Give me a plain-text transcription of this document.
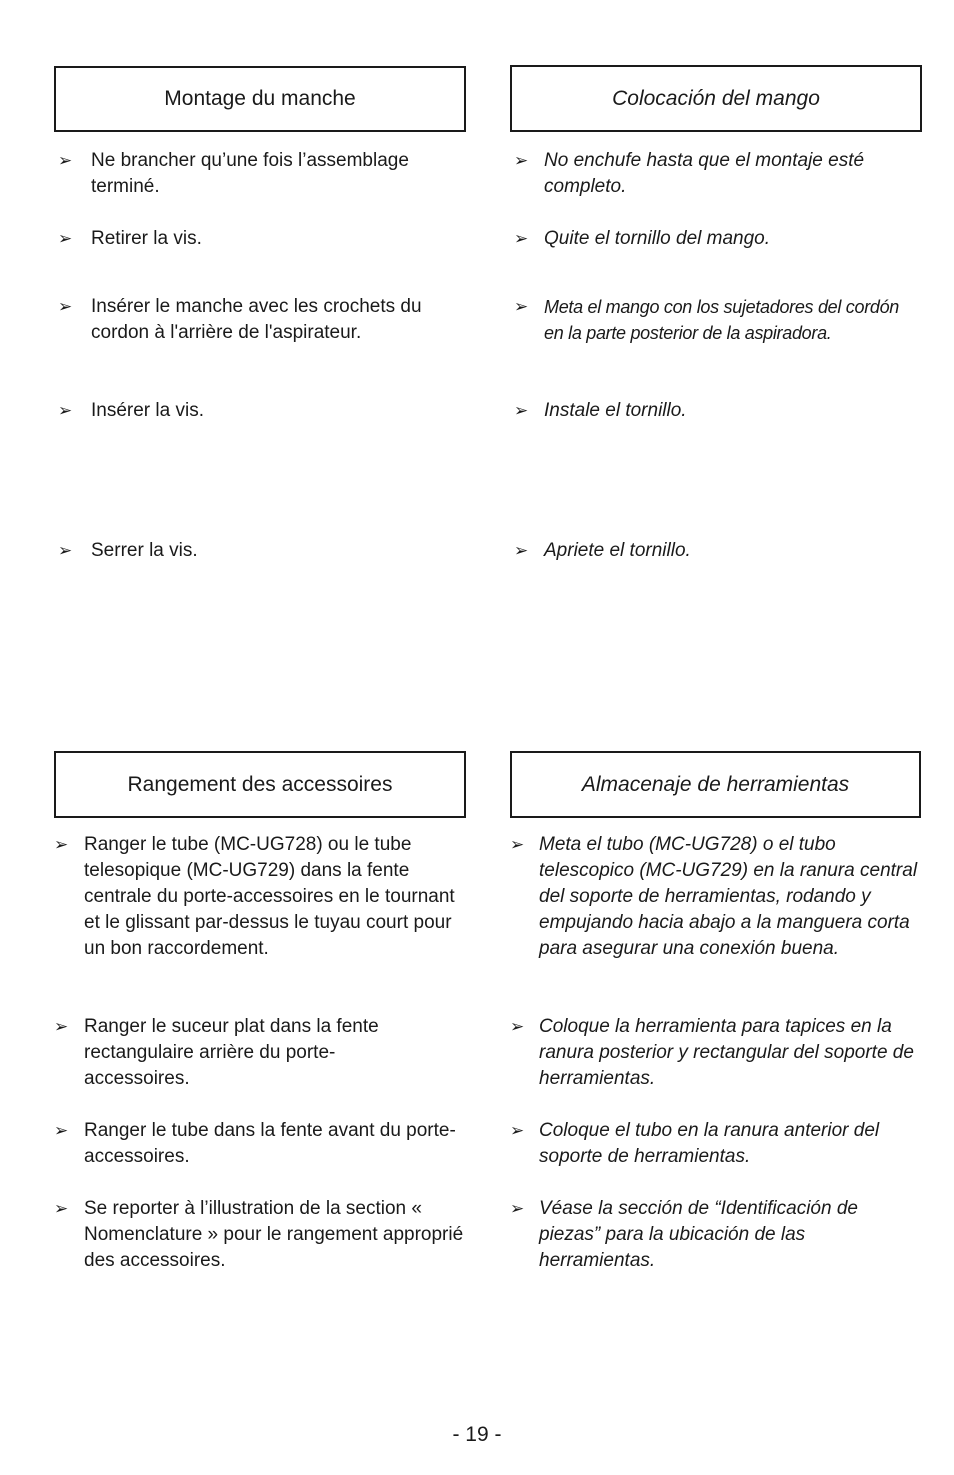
Montage du manche	Colocación del mango
➢ Ne brancher qu’une fois l’assemblage terminé.
➢ Retirer la vis.
➢ Insérer le manche avec les crochets du cordon à l'arrière de l'aspirateur.
➢ Insérer la vis.
➢ Serrer la vis.
➢ No enchufe hasta que el montaje esté completo.
➢ Quite el tornillo del mango.
➢ Meta el mango con los sujetadores del cordón en la parte posterior de la aspiradora.
➢ Instale el tornillo.
➢ Apriete el tornillo.
Rangement des accessoires	Almacenaje de herramientas
➢ Ranger le tube (MC-UG728) ou le tube telesopique (MC-UG729) dans la fente centrale du porte-accessoires en le tournant et le glissant par-dessus le tuyau court pour un bon raccordement.
➢ Ranger le suceur plat dans la fente rectangulaire arrière du porte-accessoires.
➢ Ranger le tube dans la fente avant du porte-accessoires.
➢ Se reporter à l’illustration de la section « Nomenclature » pour le rangement approprié des accessoires.
➢ Meta el tubo (MC-UG728) o el tubo telescopico (MC-UG729) en la ranura central del soporte de herramientas, rodando y empujando hacia abajo a la manguera corta para asegurar una conexión buena.
➢ Coloque la herramienta para tapices en la ranura posterior y rectangular del soporte de herramientas.
➢ Coloque el tubo en la ranura anterior del soporte de herramientas.
➢ Véase la sección de “Identificación de piezas” para la ubicación de las herramientas.
- 19 -
